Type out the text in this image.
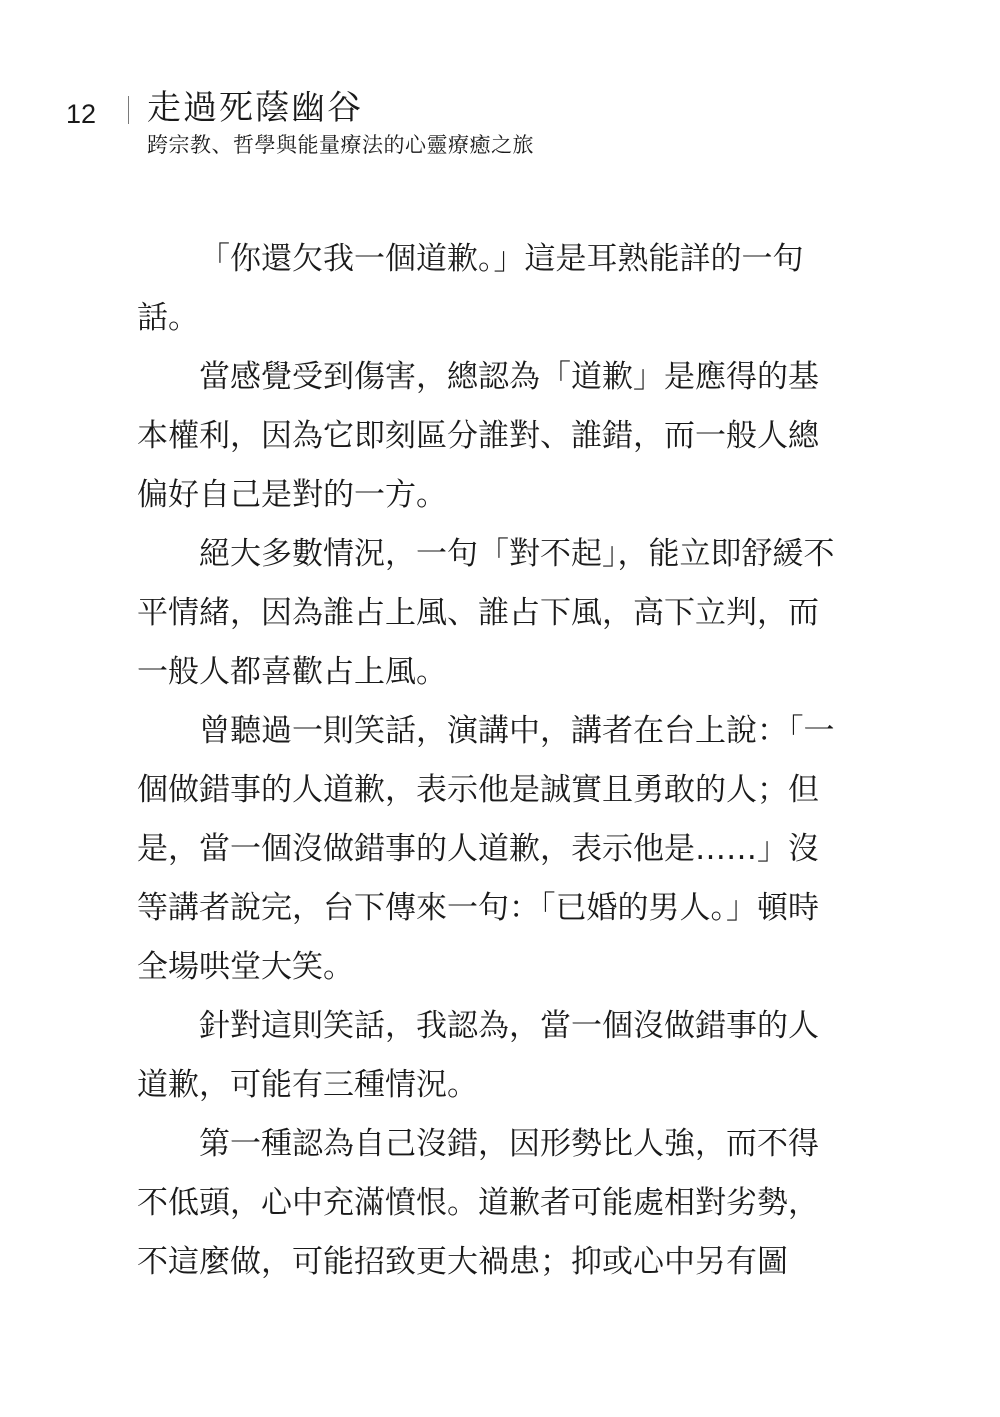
12 走過死蔭幽谷
跨宗教、哲學與能量療法的心靈療癒之旅

「你還欠我一個道歉。」這是耳熟能詳的一句話。

當感覺受到傷害，總認為「道歉」是應得的基本權利，因為它即刻區分誰對、誰錯，而一般人總偏好自己是對的一方。

絕大多數情況，一句「對不起」，能立即舒緩不平情緒，因為誰占上風、誰占下風，高下立判，而一般人都喜歡占上風。

曾聽過一則笑話，演講中，講者在台上說：「一個做錯事的人道歉，表示他是誠實且勇敢的人；但是，當一個沒做錯事的人道歉，表示他是……」沒等講者說完，台下傳來一句：「已婚的男人。」頓時全場哄堂大笑。

針對這則笑話，我認為，當一個沒做錯事的人道歉，可能有三種情況。

第一種認為自己沒錯，因形勢比人強，而不得不低頭，心中充滿憤恨。道歉者可能處相對劣勢，不這麼做，可能招致更大禍患；抑或心中另有圖
